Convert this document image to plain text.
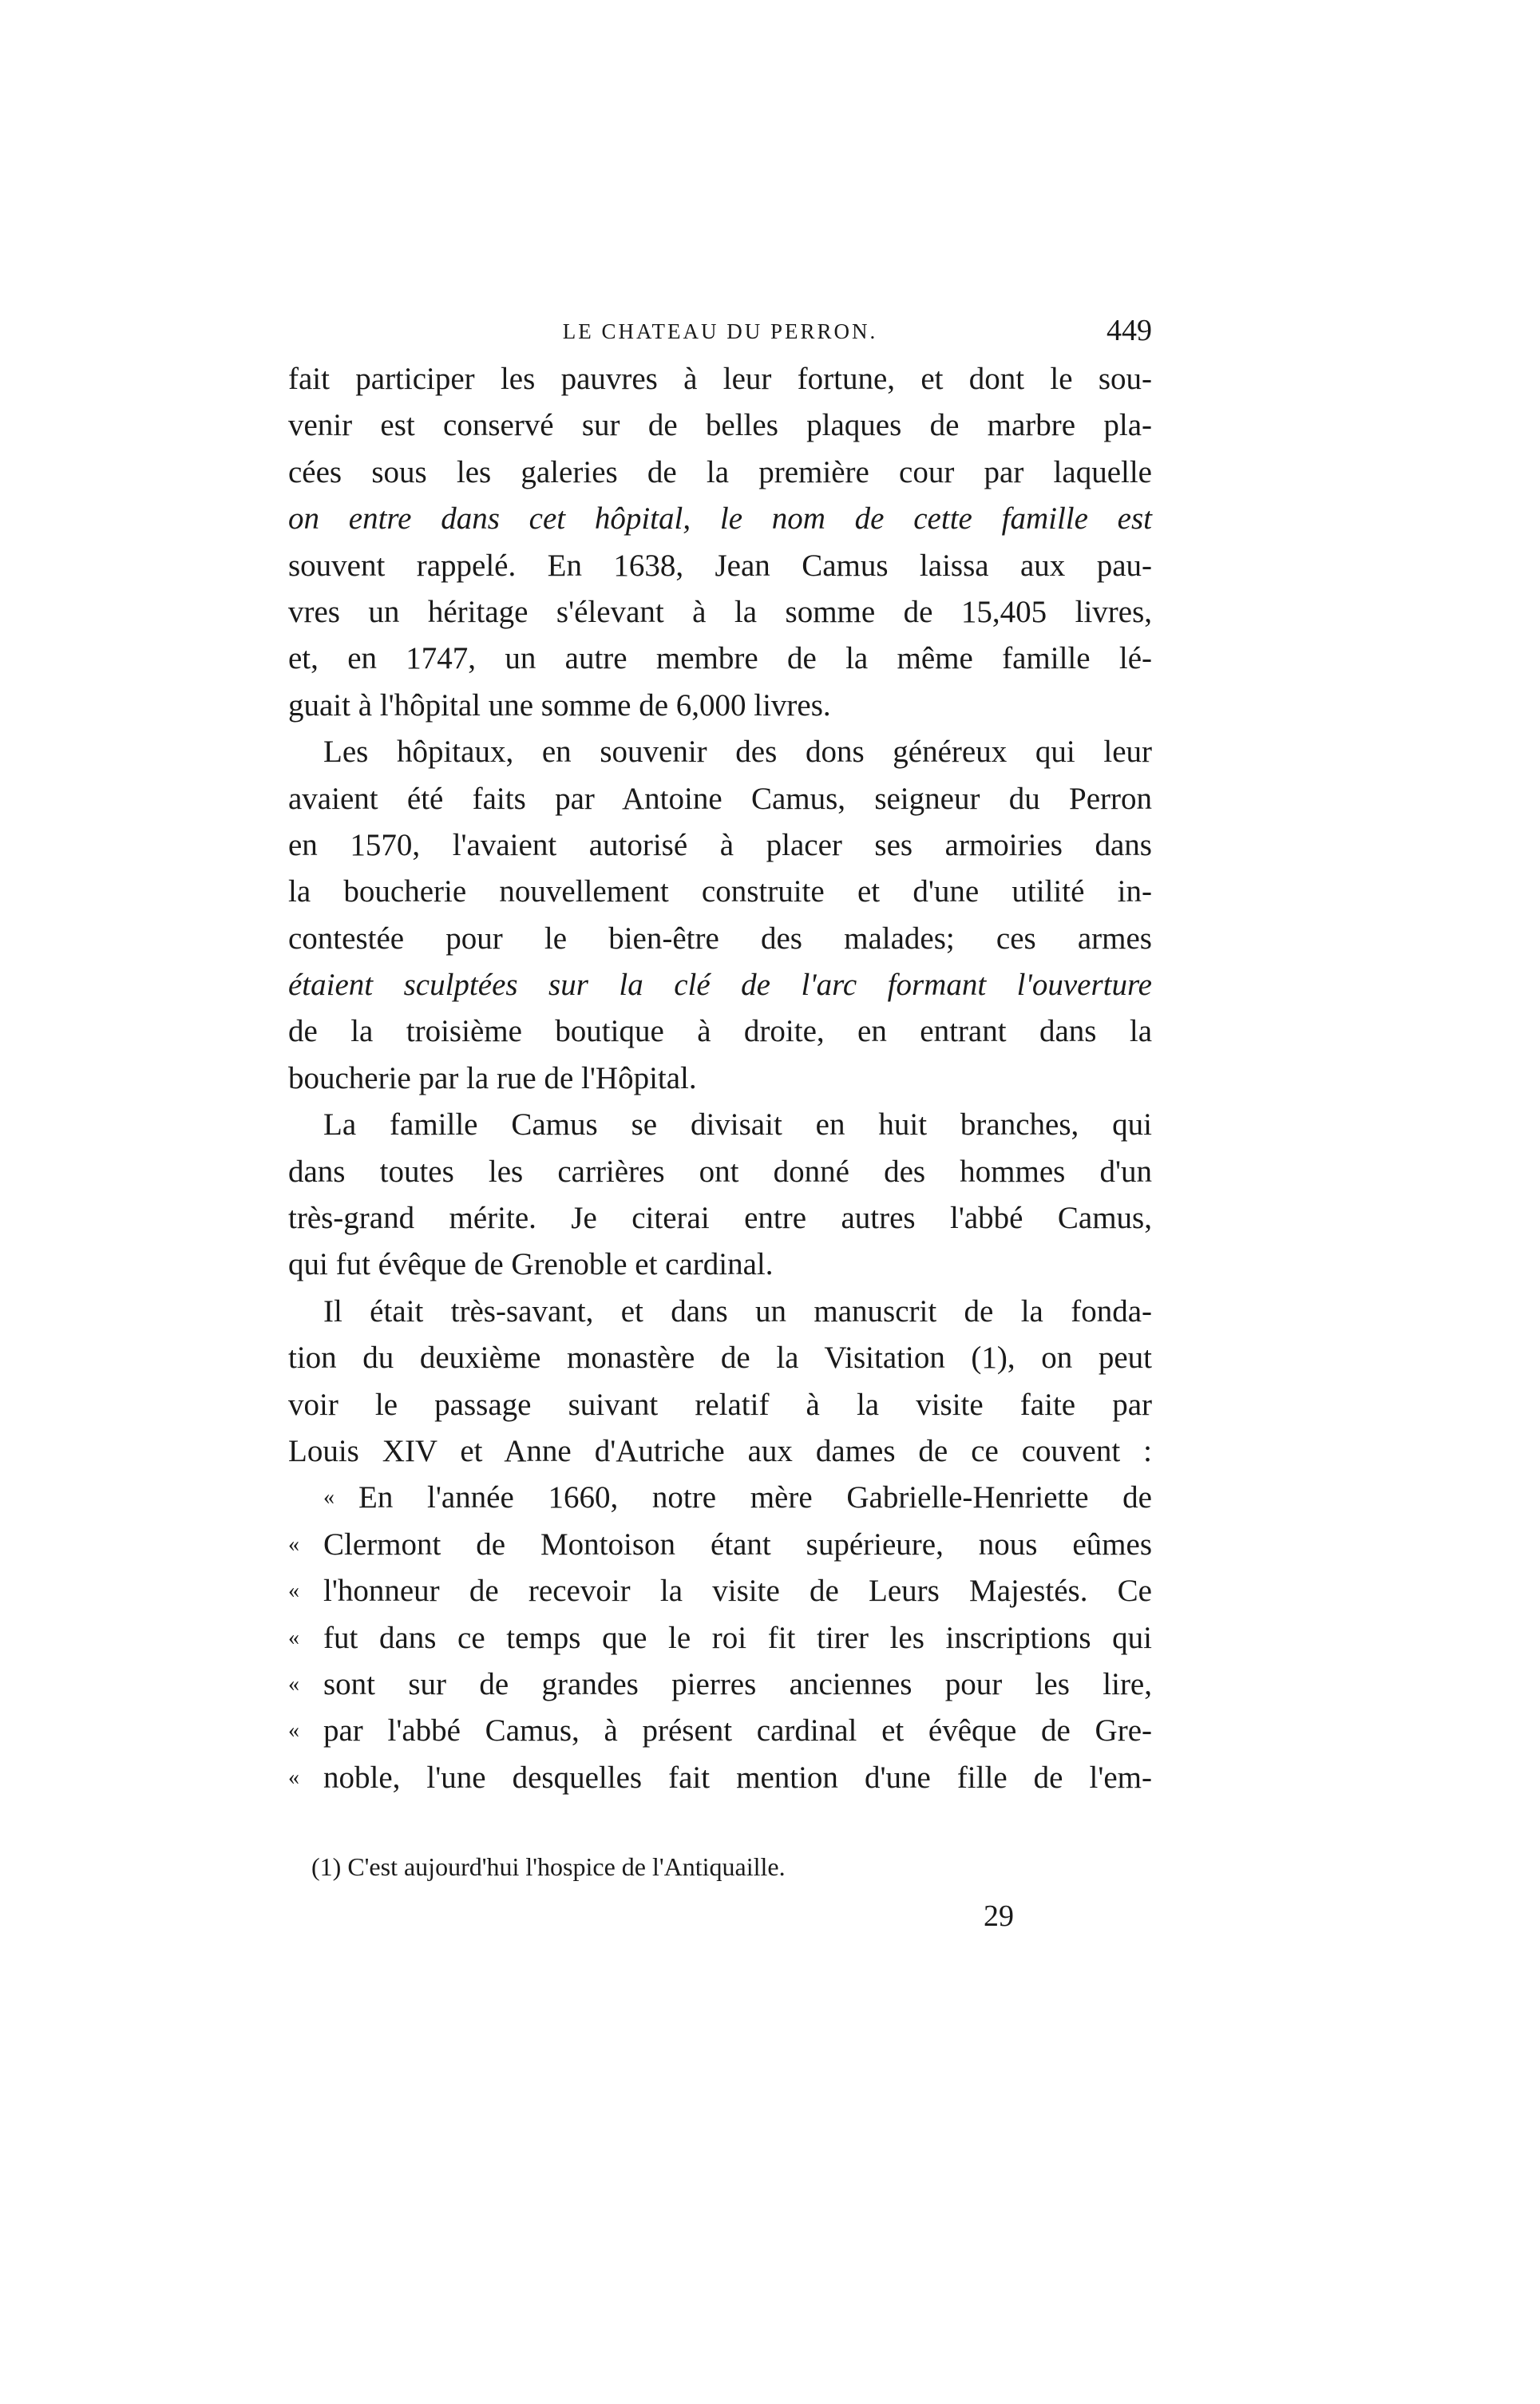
LE CHATEAU DU PERRON.	449
fait participer les pauvres à leur fortune, et dont le sou-
venir est conservé sur de belles plaques de marbre pla-
cées sous les galeries de la première cour par laquelle
on entre dans cet hôpital, le nom de cette famille est
souvent rappelé. En 1638, Jean Camus laissa aux pau-
vres un héritage s'élevant à la somme de 15,405 livres,
et, en 1747, un autre membre de la même famille lé-
guait à l'hôpital une somme de 6,000 livres.
Les hôpitaux, en souvenir des dons généreux qui leur
avaient été faits par Antoine Camus, seigneur du Perron
en 1570, l'avaient autorisé à placer ses armoiries dans
la boucherie nouvellement construite et d'une utilité in-
contestée pour le bien-être des malades; ces armes
étaient sculptées sur la clé de l'arc formant l'ouverture
de la troisième boutique à droite, en entrant dans la
boucherie par la rue de l'Hôpital.
La famille Camus se divisait en huit branches, qui
dans toutes les carrières ont donné des hommes d'un
très-grand mérite. Je citerai entre autres l'abbé Camus,
qui fut évêque de Grenoble et cardinal.
Il était très-savant, et dans un manuscrit de la fonda-
tion du deuxième monastère de la Visitation (1), on peut
voir le passage suivant relatif à la visite faite par
Louis XIV et Anne d'Autriche aux dames de ce couvent :
« En l'année 1660, notre mère Gabrielle-Henriette de
« Clermont de Montoison étant supérieure, nous eûmes
« l'honneur de recevoir la visite de Leurs Majestés. Ce
« fut dans ce temps que le roi fit tirer les inscriptions qui
« sont sur de grandes pierres anciennes pour les lire,
« par l'abbé Camus, à présent cardinal et évêque de Gre-
« noble, l'une desquelles fait mention d'une fille de l'em-
(1) C'est aujourd'hui l'hospice de l'Antiquaille.
29
